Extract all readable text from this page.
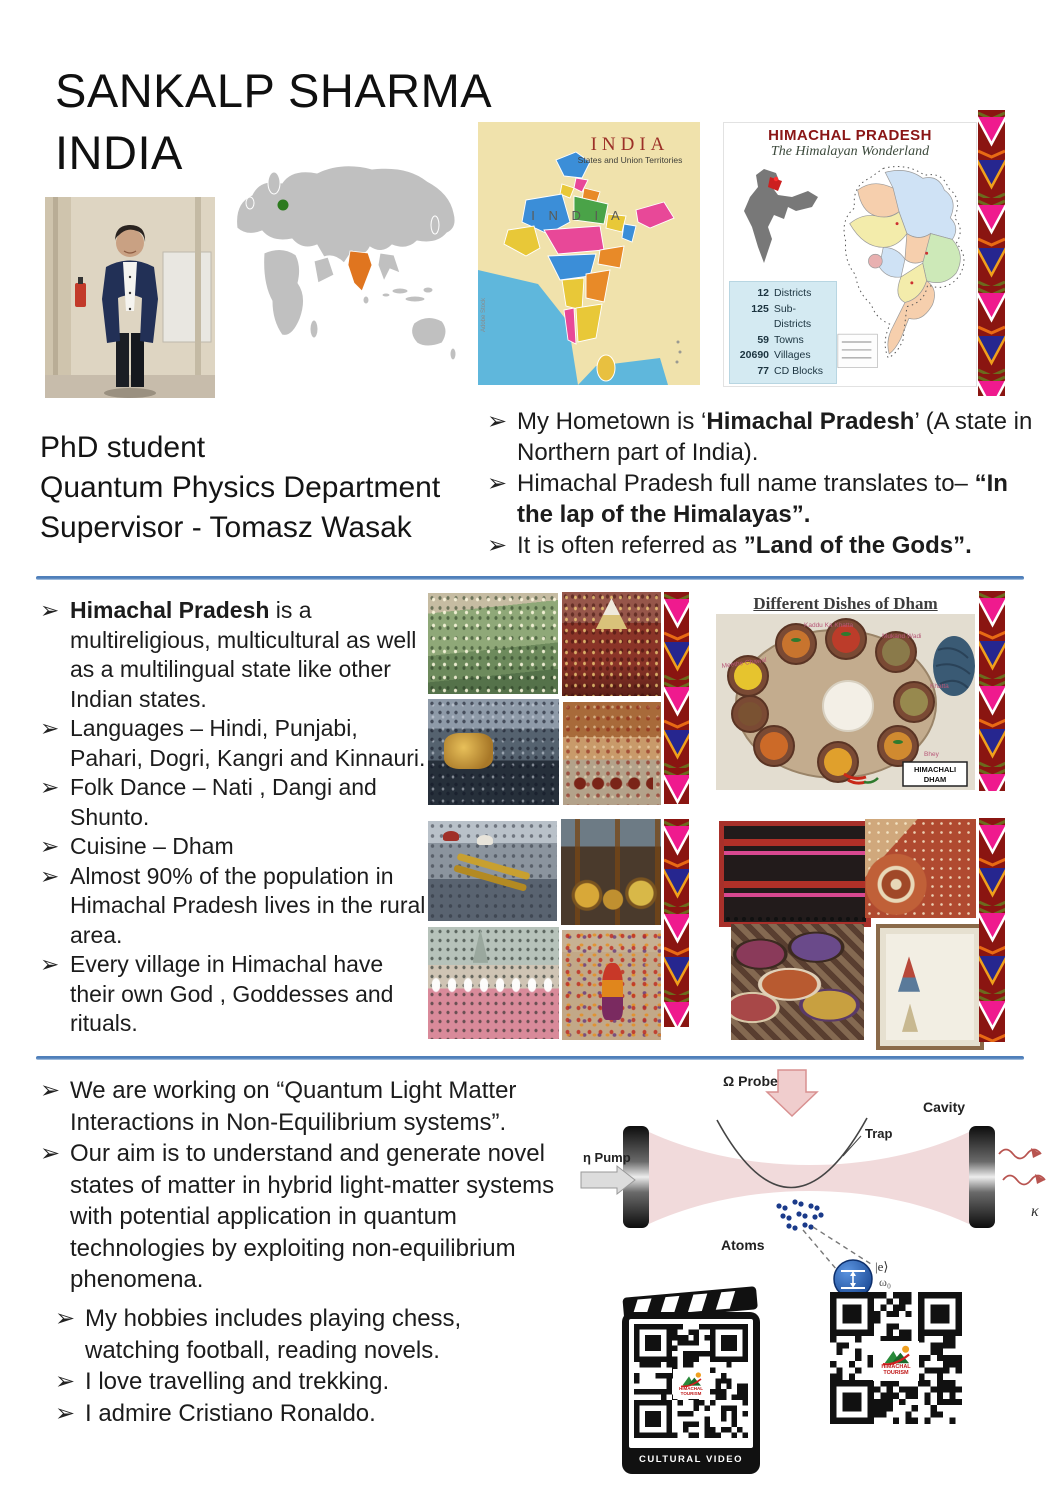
SANKALP SHARMA
INDIA	INDIA
States and Union Territories
I N D I A
Adobe Stock
HIMACHAL PRADESH
The Himalayan Wonderland
12 Districts
125 Sub-Districts
59 Towns
20690 Villages
77 CD Blocks
PhD student
Quantum Physics Department
Supervisor - Tomasz Wasak
➢ My Hometown is ‘Himachal Pradesh’ (A state in Northern part of India).
➢ Himachal Pradesh full name translates to– “In the lap of the Himalayas”.
➢ It is often referred as ”Land of the Gods”.
➢ Himachal Pradesh is a multireligious, multicultural as well as a multilingual state like other Indian states.
➢ Languages – Hindi, Punjabi, Pahari, Dogri, Kangri and Kinnauri.
➢ Folk Dance – Nati , Dangi and Shunto.
➢ Cuisine – Dham
➢ Almost 90% of the population in Himachal Pradesh lives in the rural area.
➢ Every village in Himachal have their own God , Goddesses and rituals.
Different Dishes of Dham
Meethe Chawal
Kaddu Ka Khatta
Mukand Wadi
Khatta
Bhey
HIMACHALI
DHAM
➢ We are working on “Quantum Light Matter Interactions in Non-Equilibrium systems”.
➢ Our aim is to understand and generate novel states of matter in hybrid light-matter systems with potential application in quantum technologies by exploiting non-equilibrium phenomena.
➢ My hobbies includes playing chess, watching football, reading novels.
➢ I love travelling and trekking.
➢ I admire Cristiano Ronaldo.
Ω Probe
Cavity
η Pump
Trap
Atoms
|e⟩
ω₀
κ
HIMACHAL
TOURISM
CULTURAL VIDEO
HIMACHAL
TOURISM
